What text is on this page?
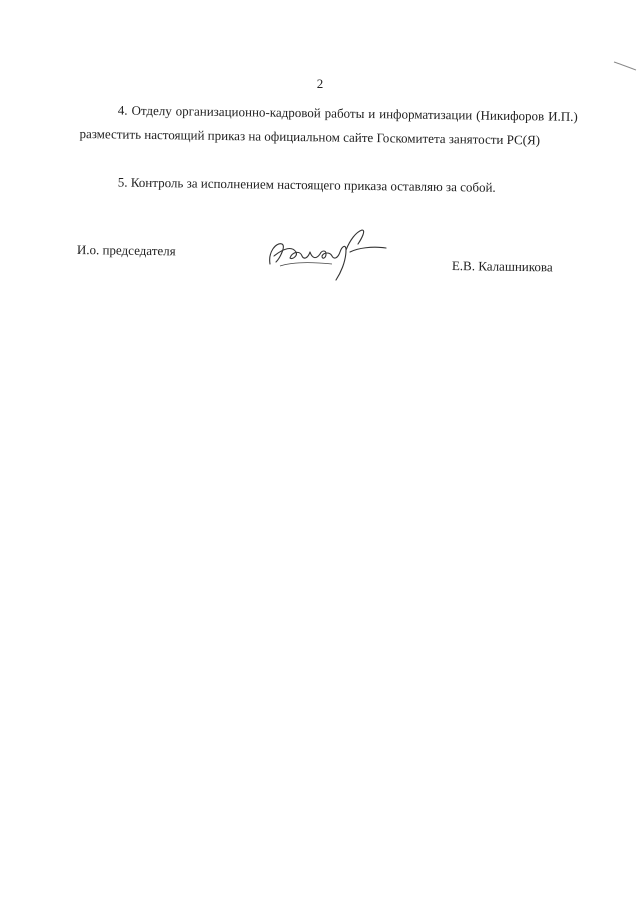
2

4. Отделу организационно-кадровой работы и информатизации (Никифоров И.П.) разместить настоящий приказ на официальном сайте Госкомитета занятости РС(Я)

5. Контроль за исполнением настоящего приказа оставляю за собой.

И.о. председателя
Е.В. Калашникова
